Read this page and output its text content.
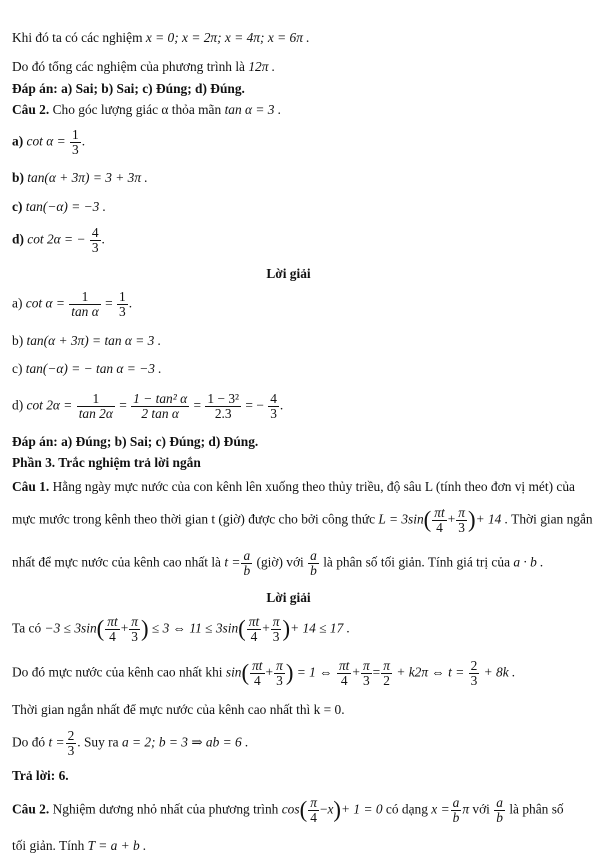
Khi đó ta có các nghiệm x = 0; x = 2π; x = 4π; x = 6π .
Do đó tổng các nghiệm của phương trình là 12π .
Đáp án: a) Sai; b) Sai; c) Đúng; d) Đúng.
Câu 2. Cho góc lượng giác α thỏa mãn tan α = 3 .
a) $\cot \alpha = \frac{1}{3}$ .
b) tan(α + 3π) = 3 + 3π .
c) tan(−α) = −3 .
d) cot 2α = − $\frac{4}{3}$ .
Lời giải
a) $\cot \alpha = \frac{1}{\text{tan α}} = \frac{1}{3}$ .
b) tan(α + 3π) = tan α = 3 .
c) tan(−α) = − tan α = −3 .
d) $\cot 2\alpha = \frac{1}{\tan 2\alpha} = \frac{\text{1 − tan² α}}{\text{2 tan α}} = \frac{\text{1 − 3²}}{2.3}$ = − $\frac{4}{3}$ .
Đáp án: a) Đúng; b) Sai; c) Đúng; d) Đúng.
Phần 3. Trắc nghiệm trả lời ngắn
Câu 1. Hằng ngày mực nước của con kênh lên xuống theo thủy triều, độ sâu L (tính theo đơn vị mét) của
mực mước trong kênh theo thời gian t (giờ) được cho bởi công thức $L = 3\sin( \frac{\pi t}{4} + \frac{\pi}{3}$ )+ 14 . Thời gian ngắn
nhất để mực nước của kênh cao nhất là $t = \frac{a}{b}$ (giờ) với $\frac{a}{b}$ là phân số tối giản. Tính giá trị của a · b .
Lời giải
Ta có $-3 \le 3\sin( \frac{\pi t}{4} + \frac{\pi}{3}$ ) ≤ 3 ⇔ $11 \le 3\sin( \frac{\pi t}{4} + \frac{\pi}{3}$ )+ 14 ≤ 17 .
Do đó mực nước của kênh cao nhất khi $\sin( \frac{\pi t}{4} + \frac{\pi}{3}$ ) = 1 ⇔ $\frac{\pi t}{4} + \frac{\pi}{3} = \frac{\pi}{2} + k2\pi$ ⇔ $t = \frac{2}{3} + 8k$ .
Thời gian ngắn nhất để mực nước của kênh cao nhất thì k = 0.
Do đó $t = \frac{2}{3}$ . Suy ra a = 2; b = 3 ⇒ ab = 6 .
Trả lời: 6.
Câu 2. Nghiệm dương nhỏ nhất của phương trình $\cos( \frac{\pi}{4} -x)+ 1 = 0$ có dạng $x = \frac{a}{b}$ π với $\frac{a}{b}$ là phân số
tối giản. Tính T = a + b .
